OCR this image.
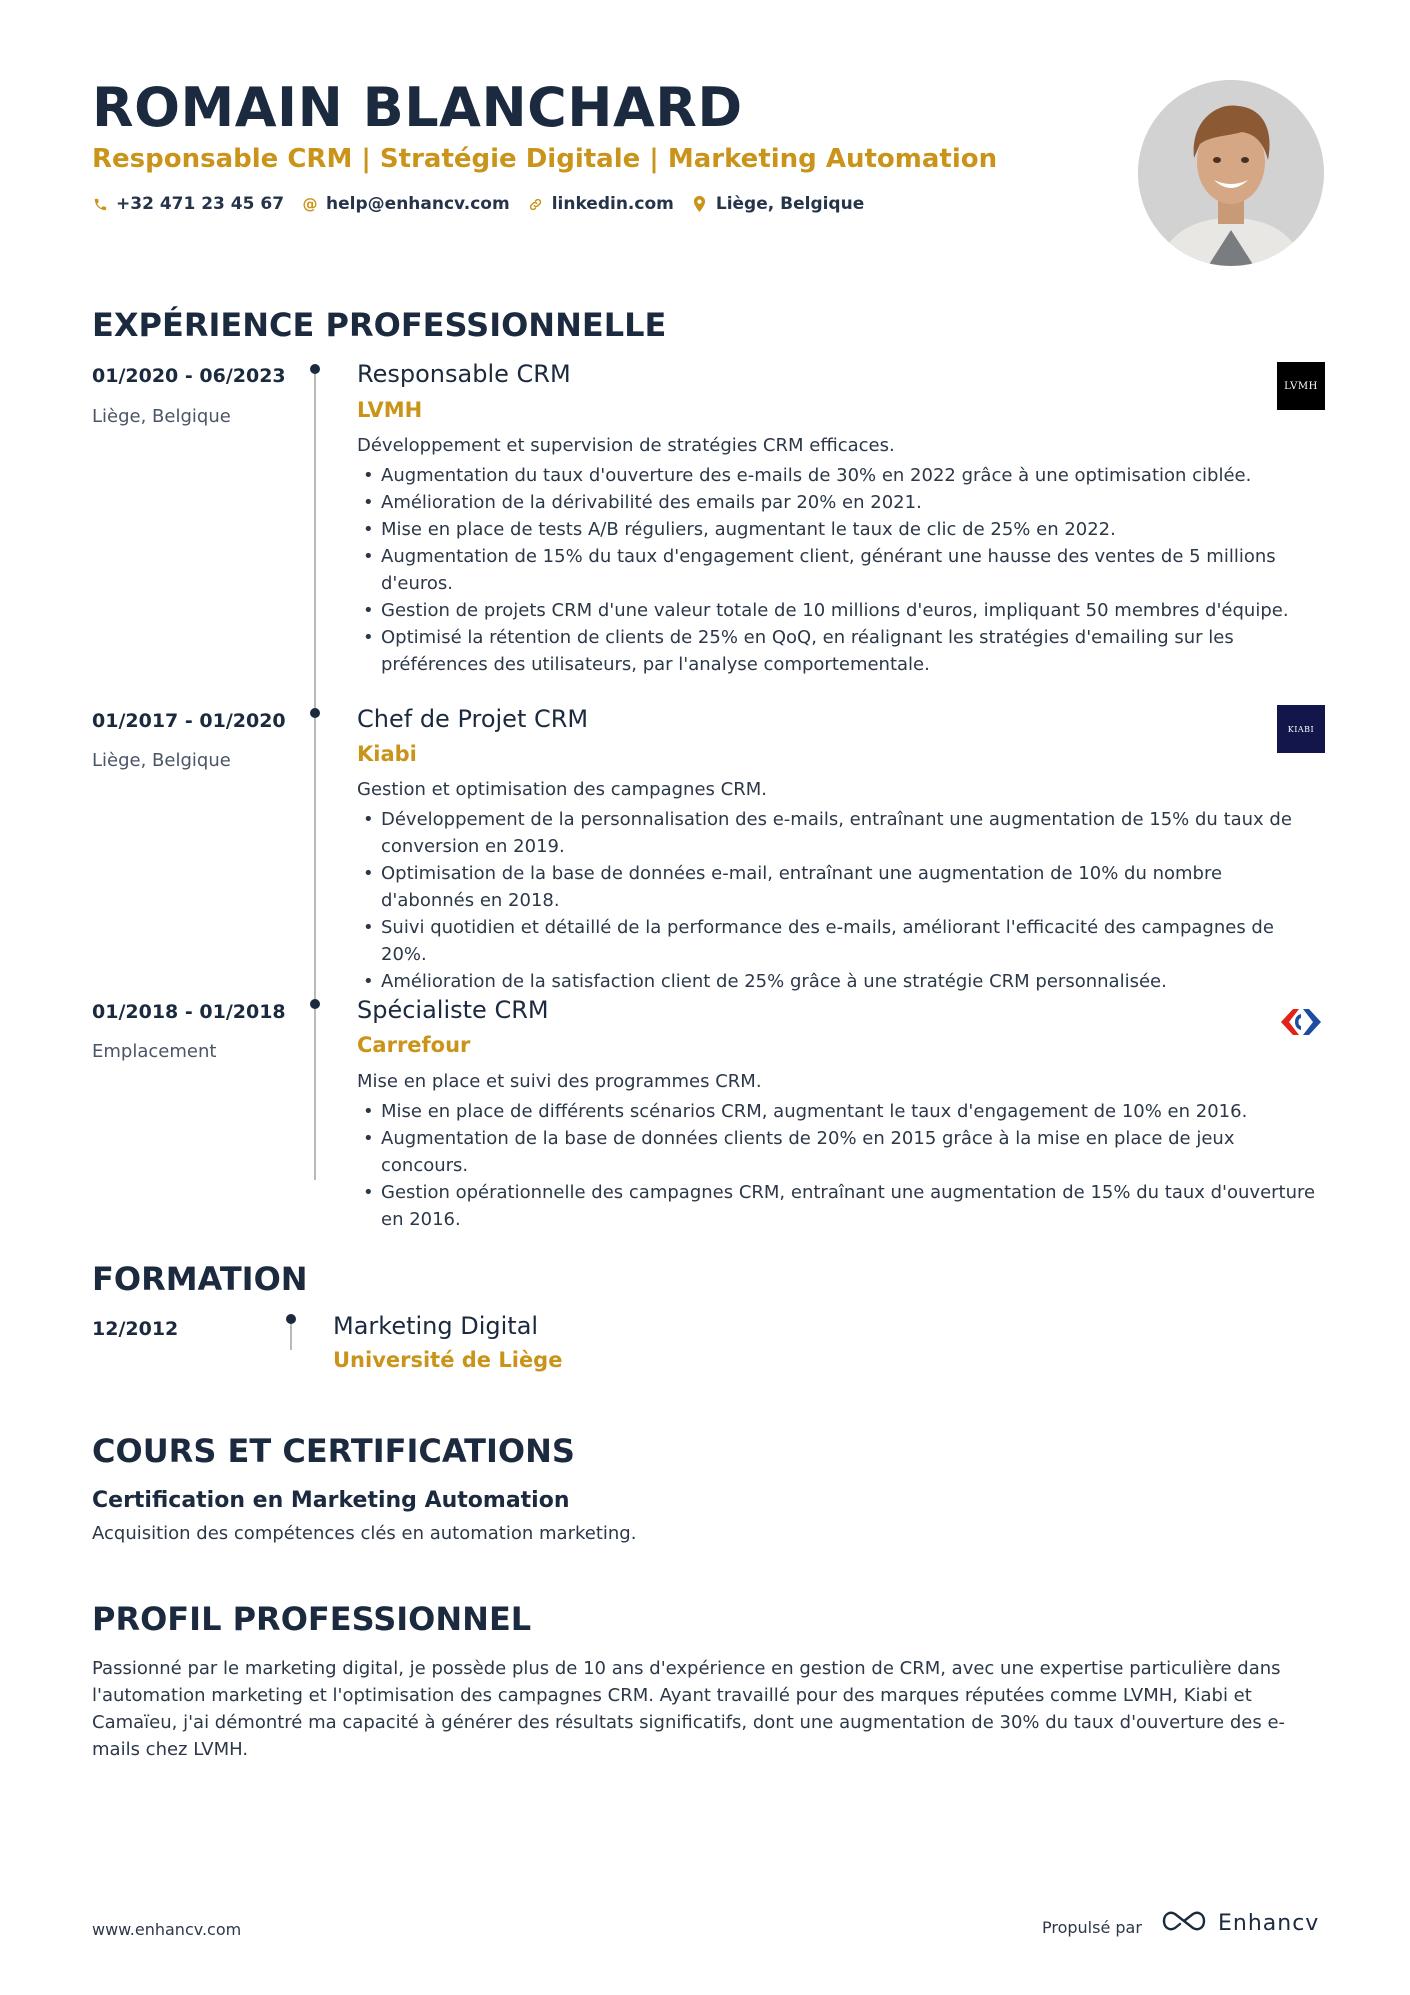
ROMAIN BLANCHARD
Responsable CRM | Stratégie Digitale | Marketing Automation
+32 471 23 45 67 @ help@enhancv.com linkedin.com Liège, Belgique
EXPÉRIENCE PROFESSIONNELLE
01/2020 - 06/2023
Liège, Belgique
Responsable CRM
LVMH
LVMH
Développement et supervision de stratégies CRM efficaces.
• Augmentation du taux d'ouverture des e-mails de 30% en 2022 grâce à une optimisation ciblée.
• Amélioration de la dérivabilité des emails par 20% en 2021.
• Mise en place de tests A/B réguliers, augmentant le taux de clic de 25% en 2022.
• Augmentation de 15% du taux d'engagement client, générant une hausse des ventes de 5 millions d'euros.
• Gestion de projets CRM d'une valeur totale de 10 millions d'euros, impliquant 50 membres d'équipe.
• Optimisé la rétention de clients de 25% en QoQ, en réalignant les stratégies d'emailing sur les préférences des utilisateurs, par l'analyse comportementale.
01/2017 - 01/2020
Liège, Belgique
Chef de Projet CRM
Kiabi
KIABI
Gestion et optimisation des campagnes CRM.
• Développement de la personnalisation des e-mails, entraînant une augmentation de 15% du taux de conversion en 2019.
• Optimisation de la base de données e-mail, entraînant une augmentation de 10% du nombre d'abonnés en 2018.
• Suivi quotidien et détaillé de la performance des e-mails, améliorant l'efficacité des campagnes de 20%.
• Amélioration de la satisfaction client de 25% grâce à une stratégie CRM personnalisée.
01/2018 - 01/2018
Emplacement
Spécialiste CRM
Carrefour
Mise en place et suivi des programmes CRM.
• Mise en place de différents scénarios CRM, augmentant le taux d'engagement de 10% en 2016.
• Augmentation de la base de données clients de 20% en 2015 grâce à la mise en place de jeux concours.
• Gestion opérationnelle des campagnes CRM, entraînant une augmentation de 15% du taux d'ouverture en 2016.
FORMATION
12/2012	Marketing Digital
Université de Liège
COURS ET CERTIFICATIONS
Certification en Marketing Automation
Acquisition des compétences clés en automation marketing.
PROFIL PROFESSIONNEL

Passionné par le marketing digital, je possède plus de 10 ans d'expérience en gestion de CRM, avec une expertise particulière dans l'automation marketing et l'optimisation des campagnes CRM. Ayant travaillé pour des marques réputées comme LVMH, Kiabi et Camaïeu, j'ai démontré ma capacité à générer des résultats significatifs, dont une augmentation de 30% du taux d'ouverture des e-mails chez LVMH.

www.enhancv.com	Propulsé par	Enhancv
